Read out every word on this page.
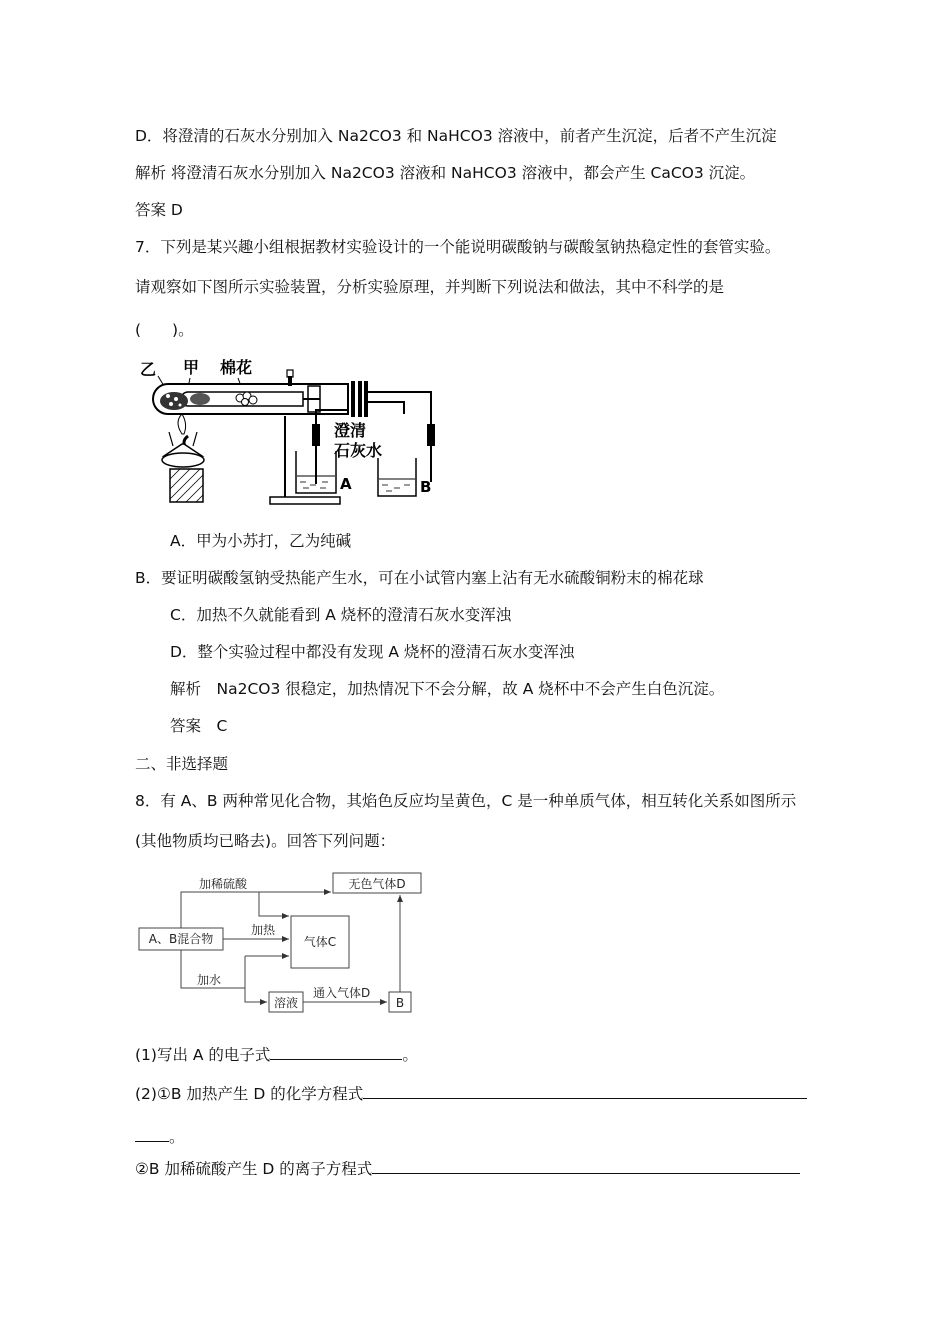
D．将澄清的石灰水分别加入 Na2CO3 和 NaHCO3 溶液中，前者产生沉淀，后者不产生沉淀
解析 将澄清石灰水分别加入 Na2CO3 溶液和 NaHCO3 溶液中，都会产生 CaCO3 沉淀。
答案 D
7．下列是某兴趣小组根据教材实验设计的一个能说明碳酸钠与碳酸氢钠热稳定性的套管实验。
请观察如下图所示实验装置，分析实验原理，并判断下列说法和做法，其中不科学的是
(　　)。
乙 甲 棉花
澄清
石灰水
A	B
A．甲为小苏打，乙为纯碱
B．要证明碳酸氢钠受热能产生水，可在小试管内塞上沾有无水硫酸铜粉末的棉花球
C．加热不久就能看到 A 烧杯的澄清石灰水变浑浊
D．整个实验过程中都没有发现 A 烧杯的澄清石灰水变浑浊
解析　Na2CO3 很稳定，加热情况下不会分解，故 A 烧杯中不会产生白色沉淀。
答案　C
二、非选择题
8．有 A、B 两种常见化合物，其焰色反应均呈黄色，C 是一种单质气体，相互转化关系如图所示
(其他物质均已略去)。回答下列问题：
A、B混合物	气体C
无色气体D
溶液	B
加稀硫酸
加热
加水
通入气体D
(1)写出 A 的电子式	。
(2)①B 加热产生 D 的化学方程式
。
②B 加稀硫酸产生 D 的离子方程式
